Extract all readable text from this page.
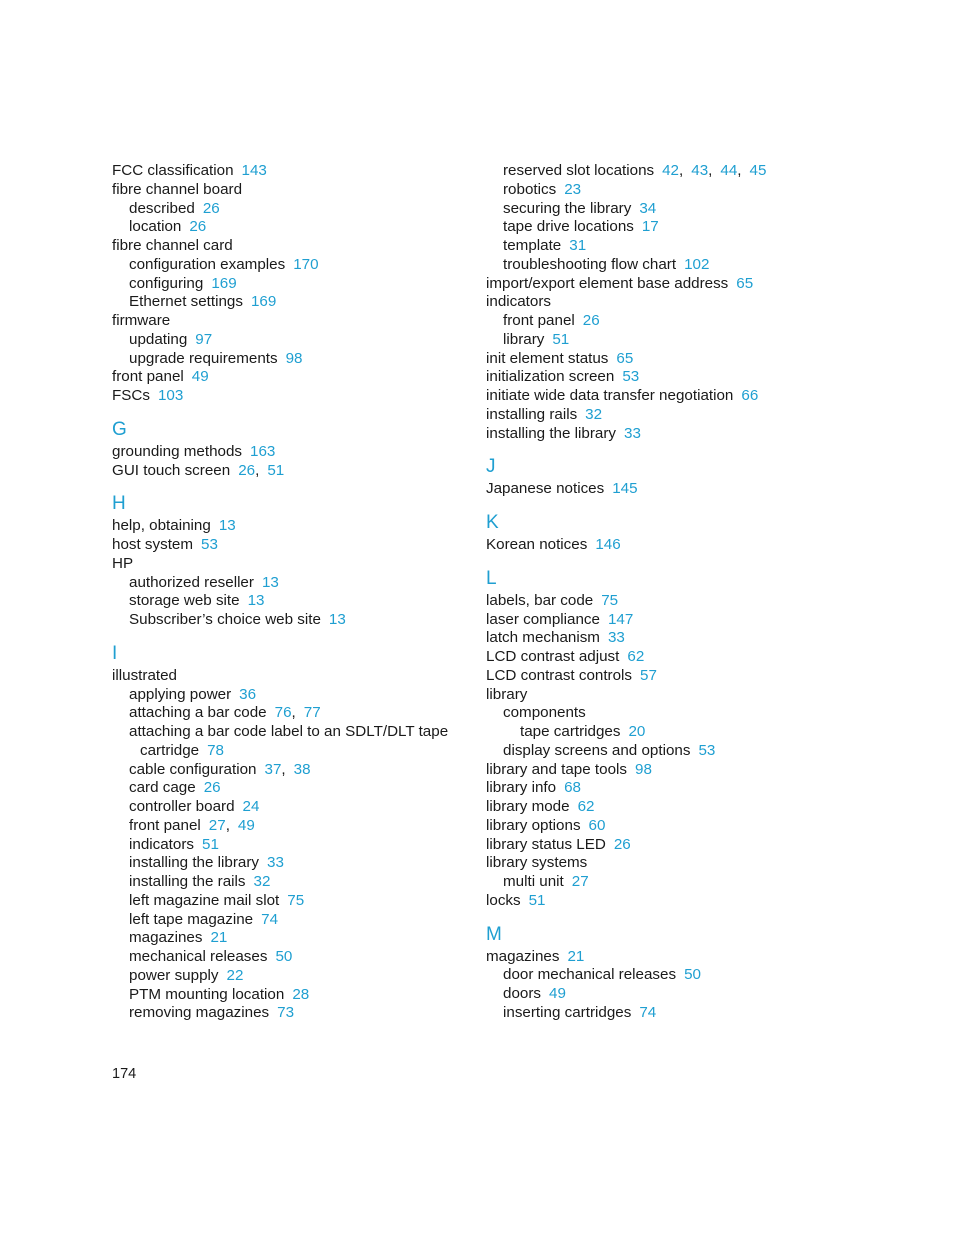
FCC classification 143
fibre channel board
described 26
location 26
fibre channel card
configuration examples 170
configuring 169
Ethernet settings 169
firmware
updating 97
upgrade requirements 98
front panel 49
FSCs 103
G
grounding methods 163
GUI touch screen 26, 51
H
help, obtaining 13
host system 53
HP
authorized reseller 13
storage web site 13
Subscriber’s choice web site 13
I
illustrated
applying power 36
attaching a bar code 76, 77
attaching a bar code label to an SDLT/DLT tape
cartridge 78
cable configuration 37, 38
card cage 26
controller board 24
front panel 27, 49
indicators 51
installing the library 33
installing the rails 32
left magazine mail slot 75
left tape magazine 74
magazines 21
mechanical releases 50
power supply 22
PTM mounting location 28
removing magazines 73
reserved slot locations 42, 43, 44, 45
robotics 23
securing the library 34
tape drive locations 17
template 31
troubleshooting flow chart 102
import/export element base address 65
indicators
front panel 26
library 51
init element status 65
initialization screen 53
initiate wide data transfer negotiation 66
installing rails 32
installing the library 33
J
Japanese notices 145
K
Korean notices 146
L
labels, bar code 75
laser compliance 147
latch mechanism 33
LCD contrast adjust 62
LCD contrast controls 57
library
components
tape cartridges 20
display screens and options 53
library and tape tools 98
library info 68
library mode 62
library options 60
library status LED 26
library systems
multi unit 27
locks 51
M
magazines 21
door mechanical releases 50
doors 49
inserting cartridges 74
174
